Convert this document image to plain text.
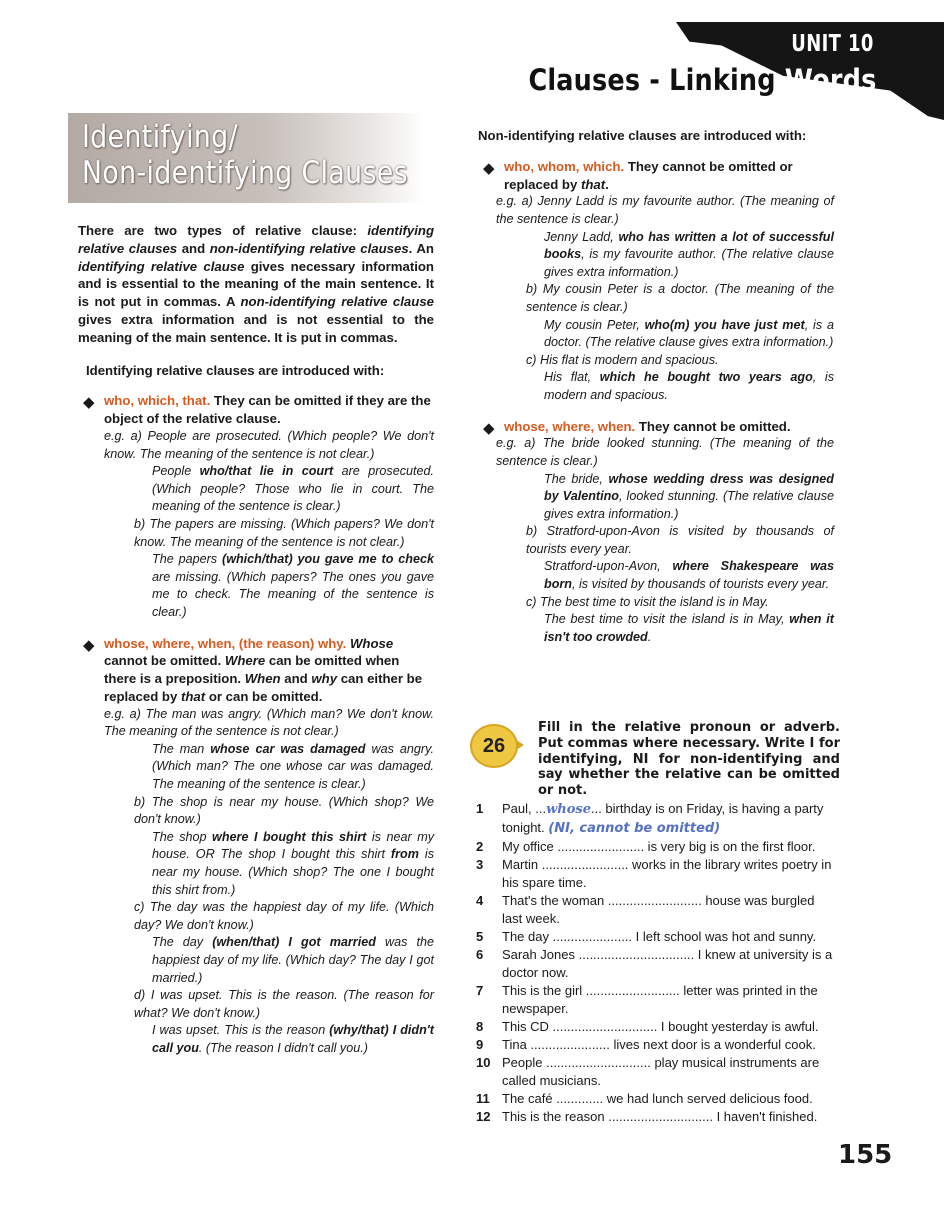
UNIT 10
Clauses - Linking Words
Identifying/
Non-identifying Clauses

There are two types of relative clause: identifying relative clauses and non-identifying relative clauses. An identifying relative clause gives necessary information and is essential to the meaning of the main sentence. It is not put in commas. A non-identifying relative clause gives extra information and is not essential to the meaning of the main sentence. It is put in commas.

Identifying relative clauses are introduced with:

◆ who, which, that. They can be omitted if they are the object of the relative clause.

e.g. a) People are prosecuted. (Which people? We don't know. The meaning of the sentence is not clear.)

People who/that lie in court are prosecuted. (Which people? Those who lie in court. The meaning of the sentence is clear.)

b) The papers are missing. (Which papers? We don't know. The meaning of the sentence is not clear.)

The papers (which/that) you gave me to check are missing. (Which papers? The ones you gave me to check. The meaning of the sentence is clear.)

◆ whose, where, when, (the reason) why. Whose cannot be omitted. Where can be omitted when there is a preposition. When and why can either be replaced by that or can be omitted.

e.g. a) The man was angry. (Which man? We don't know. The meaning of the sentence is not clear.)

The man whose car was damaged was angry. (Which man? The one whose car was damaged. The meaning of the sentence is clear.)

b) The shop is near my house. (Which shop? We don't know.)

The shop where I bought this shirt is near my house. OR The shop I bought this shirt from is near my house. (Which shop? The one I bought this shirt from.)

c) The day was the happiest day of my life. (Which day? We don't know.)

The day (when/that) I got married was the happiest day of my life. (Which day? The day I got married.)

d) I was upset. This is the reason. (The reason for what? We don't know.)

I was upset. This is the reason (why/that) I didn't call you. (The reason I didn't call you.)

Non-identifying relative clauses are introduced with:

◆ who, whom, which. They cannot be omitted or replaced by that.

e.g. a) Jenny Ladd is my favourite author. (The meaning of the sentence is clear.)

Jenny Ladd, who has written a lot of successful books, is my favourite author. (The relative clause gives extra information.)

b) My cousin Peter is a doctor. (The meaning of the sentence is clear.)

My cousin Peter, who(m) you have just met, is a doctor. (The relative clause gives extra information.)

c) His flat is modern and spacious.

His flat, which he bought two years ago, is modern and spacious.

◆ whose, where, when. They cannot be omitted.

e.g. a) The bride looked stunning. (The meaning of the sentence is clear.)

The bride, whose wedding dress was designed by Valentino, looked stunning. (The relative clause gives extra information.)

b) Stratford-upon-Avon is visited by thousands of tourists every year.

Stratford-upon-Avon, where Shakespeare was born, is visited by thousands of tourists every year.

c) The best time to visit the island is in May.

The best time to visit the island is in May, when it isn't too crowded.

26
Fill in the relative pronoun or adverb. Put commas where necessary. Write I for identifying, NI for non-identifying and say whether the relative can be omitted or not.
1	Paul, ...whose... birthday is on Friday, is having a party tonight. (NI, cannot be omitted)
2	My office ........................ is very big is on the first floor.
3	Martin ........................ works in the library writes poetry in his spare time.
4	That's the woman .......................... house was burgled last week.
5	The day ...................... I left school was hot and sunny.
6	Sarah Jones ................................ I knew at university is a doctor now.
7	This is the girl .......................... letter was printed in the newspaper.
8	This CD ............................. I bought yesterday is awful.
9	Tina ...................... lives next door is a wonderful cook.
10 People ............................. play musical instruments are called musicians.
11 The café ............. we had lunch served delicious food.
12 This is the reason ............................. I haven't finished.
155
